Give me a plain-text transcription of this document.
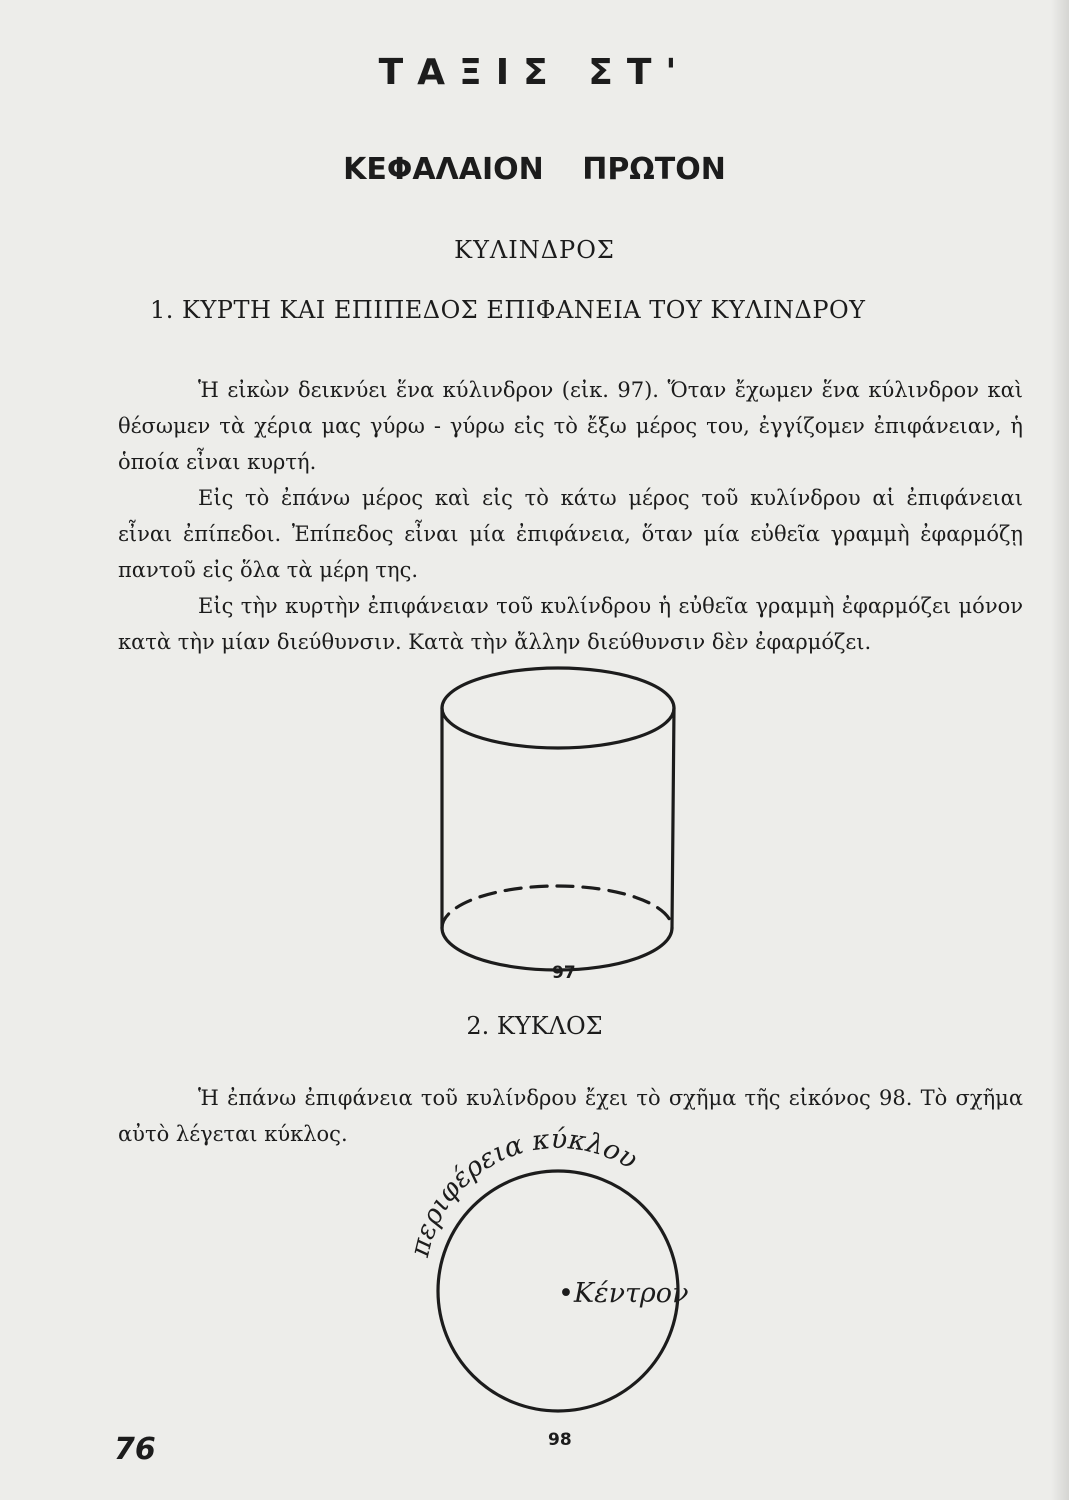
ΤΑΞΙΣ ΣΤ'
ΚΕΦΑΛΑΙΟΝ ΠΡΩΤΟΝ
ΚΥΛΙΝΔΡΟΣ
1. ΚΥΡΤΗ ΚΑΙ ΕΠΙΠΕΔΟΣ ΕΠΙΦΑΝΕΙΑ ΤΟΥ ΚΥΛΙΝΔΡΟΥ

Ἡ εἰκὼν δεικνύει ἕνα κύλινδρον (εἰκ. 97). Ὅταν ἔχωμεν ἕνα κύλινδρον καὶ θέσωμεν τὰ χέρια μας γύρω - γύρω εἰς τὸ ἔξω μέρος του, ἐγγίζομεν ἐπιφάνειαν, ἡ ὁποία εἶναι κυρτή.

Εἰς τὸ ἐπάνω μέρος καὶ εἰς τὸ κάτω μέρος τοῦ κυλίνδρου αἱ ἐπιφάνειαι εἶναι ἐπίπεδοι. Ἐπίπεδος εἶναι μία ἐπιφάνεια, ὅταν μία εὐθεῖα γραμμὴ ἐφαρμόζῃ παντοῦ εἰς ὅλα τὰ μέρη της.

Εἰς τὴν κυρτὴν ἐπιφάνειαν τοῦ κυλίνδρου ἡ εὐθεῖα γραμμὴ ἐφαρμόζει μόνον κατὰ τὴν μίαν διεύθυνσιν. Κατὰ τὴν ἄλλην διεύθυνσιν δὲν ἐφαρμόζει.

97
2. ΚΥΚΛΟΣ

Ἡ ἐπάνω ἐπιφάνεια τοῦ κυλίνδρου ἔχει τὸ σχῆμα τῆς εἰκόνος 98. Τὸ σχῆμα αὐτὸ λέγεται κύκλος.

περιφέρεια κύκλου
•Κέντρον
98
76
